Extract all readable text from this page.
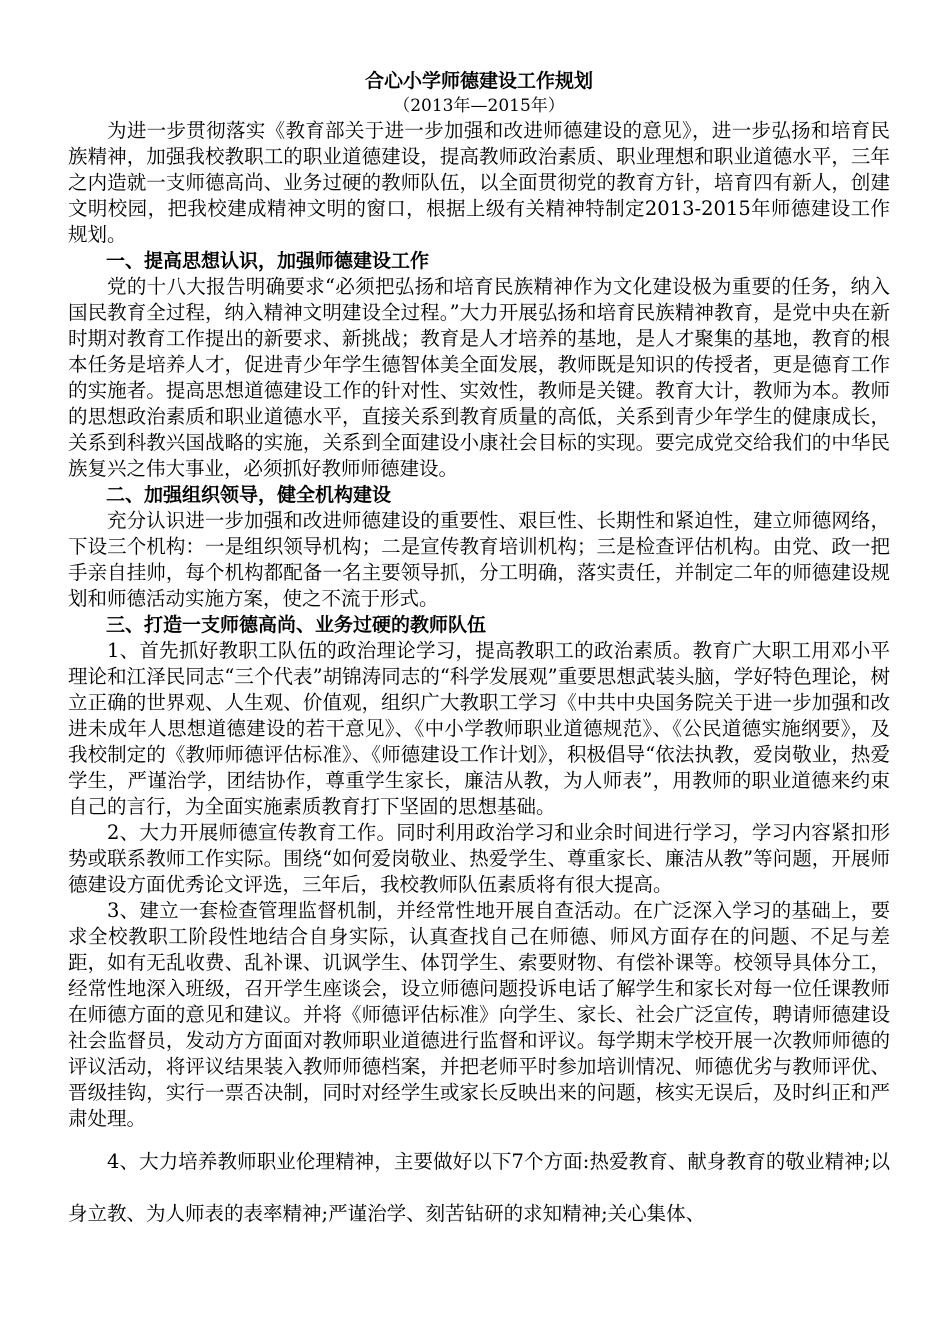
合心小学师德建设工作规划
（2013年—2015年）

为进一步贯彻落实《教育部关于进一步加强和改进师德建设的意见》，进一步弘扬和培育民族精神，加强我校教职工的职业道德建设，提高教师政治素质、职业理想和职业道德水平，三年之内造就一支师德高尚、业务过硬的教师队伍，以全面贯彻党的教育方针，培育四有新人，创建文明校园，把我校建成精神文明的窗口，根据上级有关精神特制定2013-2015年师德建设工作规划。

一、提高思想认识，加强师德建设工作

党的十八大报告明确要求“必须把弘扬和培育民族精神作为文化建设极为重要的任务，纳入国民教育全过程，纳入精神文明建设全过程。”大力开展弘扬和培育民族精神教育，是党中央在新时期对教育工作提出的新要求、新挑战；教育是人才培养的基地，是人才聚集的基地，教育的根本任务是培养人才，促进青少年学生德智体美全面发展，教师既是知识的传授者，更是德育工作的实施者。提高思想道德建设工作的针对性、实效性，教师是关键。教育大计，教师为本。教师的思想政治素质和职业道德水平，直接关系到教育质量的高低，关系到青少年学生的健康成长，关系到科教兴国战略的实施，关系到全面建设小康社会目标的实现。要完成党交给我们的中华民族复兴之伟大事业，必须抓好教师师德建设。

二、加强组织领导，健全机构建设

充分认识进一步加强和改进师德建设的重要性、艰巨性、长期性和紧迫性，建立师德网络，下设三个机构：一是组织领导机构；二是宣传教育培训机构；三是检查评估机构。由党、政一把手亲自挂帅，每个机构都配备一名主要领导抓，分工明确，落实责任，并制定二年的师德建设规划和师德活动实施方案，使之不流于形式。

三、打造一支师德高尚、业务过硬的教师队伍

1、首先抓好教职工队伍的政治理论学习，提高教职工的政治素质。教育广大职工用邓小平理论和江泽民同志“三个代表”胡锦涛同志的“科学发展观”重要思想武装头脑，学好特色理论，树立正确的世界观、人生观、价值观，组织广大教职工学习《中共中央国务院关于进一步加强和改进未成年人思想道德建设的若干意见》、《中小学教师职业道德规范》、《公民道德实施纲要》，及我校制定的《教师师德评估标准》、《师德建设工作计划》，积极倡导“依法执教，爱岗敬业，热爱学生，严谨治学，团结协作，尊重学生家长，廉洁从教，为人师表”，用教师的职业道德来约束自己的言行，为全面实施素质教育打下坚固的思想基础。

2、大力开展师德宣传教育工作。同时利用政治学习和业余时间进行学习，学习内容紧扣形势或联系教师工作实际。围绕“如何爱岗敬业、热爱学生、尊重家长、廉洁从教”等问题，开展师德建设方面优秀论文评选，三年后，我校教师队伍素质将有很大提高。

3、建立一套检查管理监督机制，并经常性地开展自查活动。在广泛深入学习的基础上，要求全校教职工阶段性地结合自身实际，认真查找自己在师德、师风方面存在的问题、不足与差距，如有无乱收费、乱补课、讥讽学生、体罚学生、索要财物、有偿补课等。校领导具体分工，经常性地深入班级，召开学生座谈会，设立师德问题投诉电话了解学生和家长对每一位任课教师在师德方面的意见和建议。并将《师德评估标准》向学生、家长、社会广泛宣传，聘请师德建设社会监督员，发动方方面面对教师职业道德进行监督和评议。每学期末学校开展一次教师师德的评议活动，将评议结果装入教师师德档案，并把老师平时参加培训情况、师德优劣与教师评优、晋级挂钩，实行一票否决制，同时对经学生或家长反映出来的问题，核实无误后，及时纠正和严肃处理。

4、大力培养教师职业伦理精神，主要做好以下7个方面:热爱教育、献身教育的敬业精神;以身立教、为人师表的表率精神;严谨治学、刻苦钻研的求知精神;关心集体、
